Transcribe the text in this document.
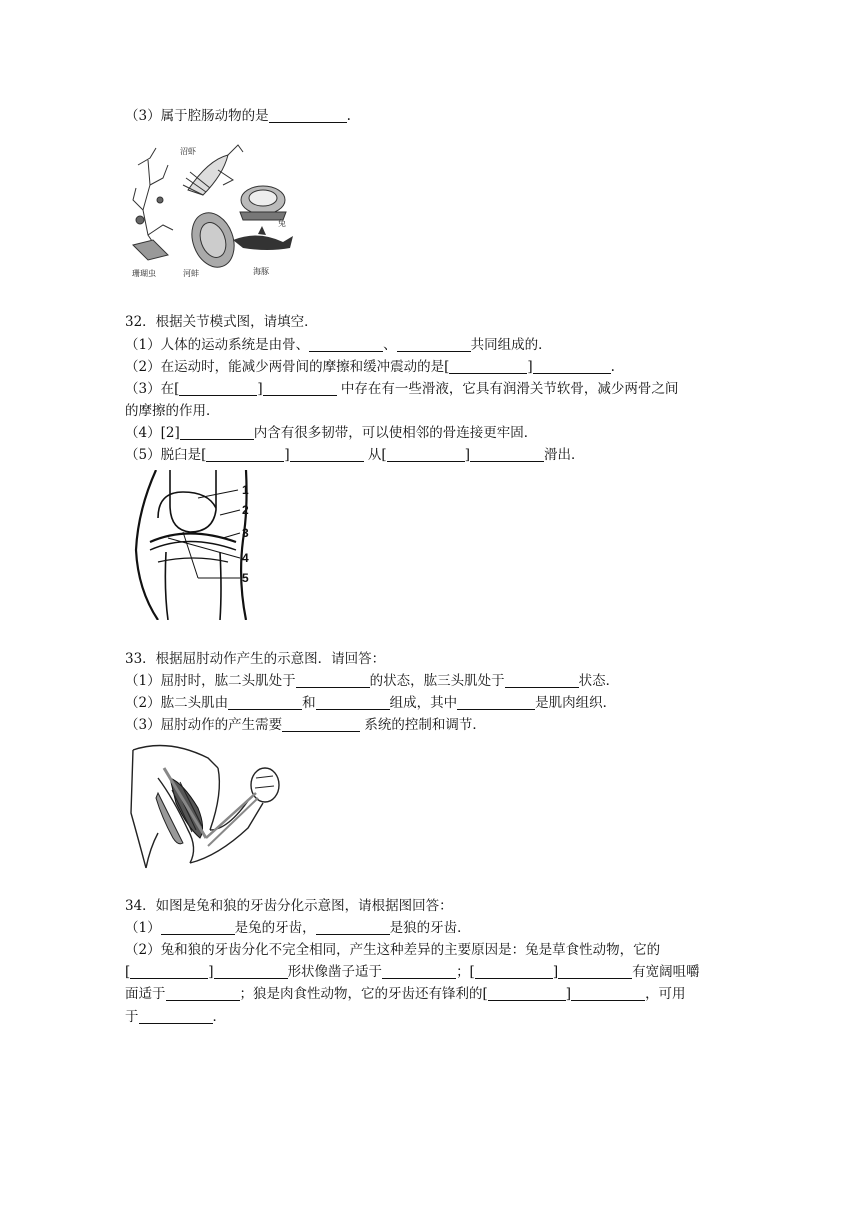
（3）属于腔肠动物的是	.
沼虾
珊瑚虫	河蚌
兔
海豚
32．根据关节模式图，请填空．
（1）人体的运动系统是由骨、	、	共同组成的．
（2）在运动时，能减少两骨间的摩擦和缓冲震动的是[	]	.
（3）在[	]	中存在有一些滑液，它具有润滑关节软骨，减少两骨之间
的摩擦的作用．
（4）[2]	内含有很多韧带，可以使相邻的骨连接更牢固．
（5）脱臼是[	]	从[	]	滑出．
1
2
3
4
5
33．根据屈肘动作产生的示意图．请回答：
（1）屈肘时，肱二头肌处于	的状态，肱三头肌处于	状态．
（2）肱二头肌由	和	组成，其中	是肌肉组织．
（3）屈肘动作的产生需要	系统的控制和调节．
34．如图是兔和狼的牙齿分化示意图，请根据图回答：
（1）	是兔的牙齿，	是狼的牙齿．
（2）兔和狼的牙齿分化不完全相同，产生这种差异的主要原因是：兔是草食性动物，它的
[	]	形状像凿子适于	；[	]	有宽阔咀嚼
面适于	；狼是肉食性动物，它的牙齿还有锋利的[	]	，可用
于	．
